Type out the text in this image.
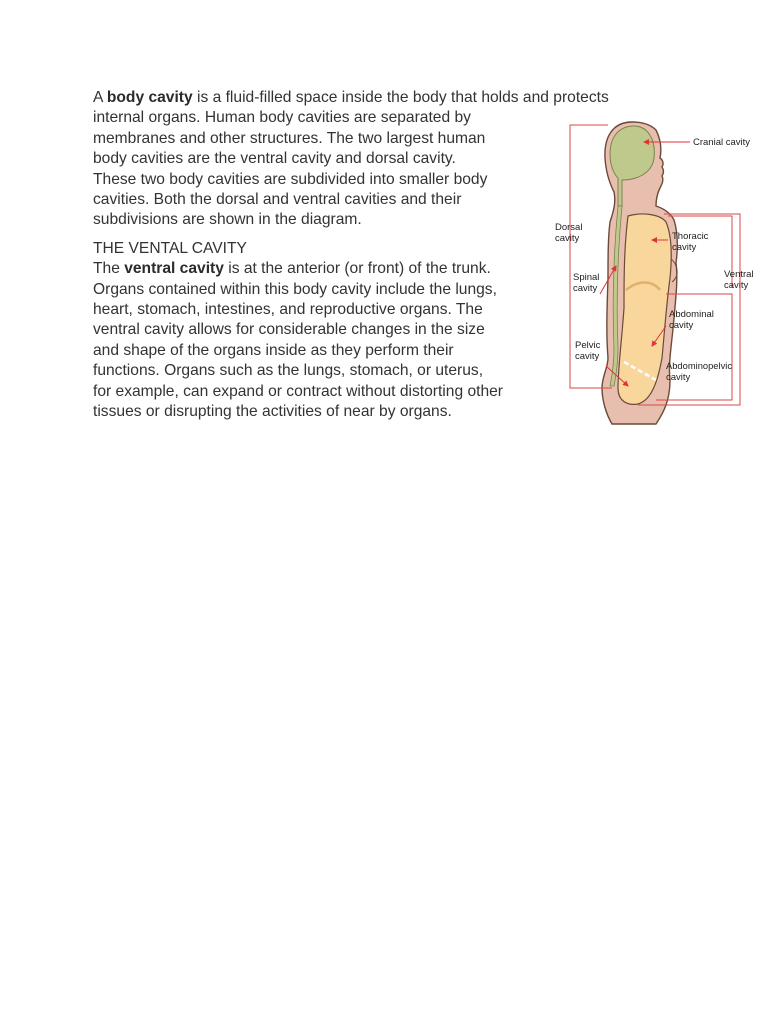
A body cavity is a fluid-filled space inside the body that holds and protects
internal organs. Human body cavities are separated by
membranes and other structures. The two largest human
body cavities are the ventral cavity and dorsal cavity.
These two body cavities are subdivided into smaller body
cavities. Both the dorsal and ventral cavities and their
subdivisions are shown in the diagram.

THE VENTAL CAVITY

The ventral cavity is at the anterior (or front) of the trunk.
Organs contained within this body cavity include the lungs,
heart, stomach, intestines, and reproductive organs. The
ventral cavity allows for considerable changes in the size
and shape of the organs inside as they perform their
functions. Organs such as the lungs, stomach, or uterus,
for example, can expand or contract without distorting other
tissues or disrupting the activities of near by organs.

Cranial cavity
Dorsal
cavity	Thoracic
cavity
Ventral
cavity
Spinal
cavity
Abdominal
cavity
Pelvic
cavity
Abdominopelvic
cavity
